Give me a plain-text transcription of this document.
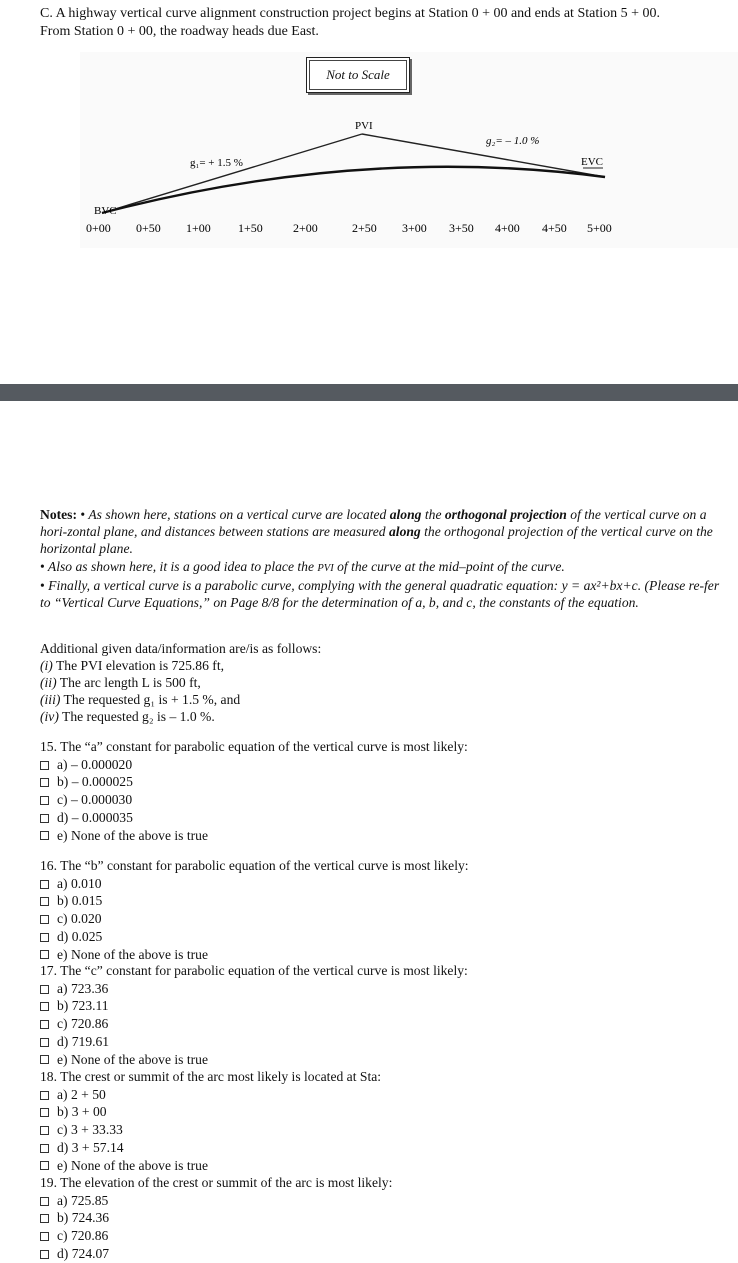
C. A highway vertical curve alignment construction project begins at Station 0 + 00 and ends at Station 5 + 00.
From Station 0 + 00, the roadway heads due East.
Not to Scale
PVI
g₁= + 1.5 %
g₂= – 1.0 %
BVC
EVC
0+00 0+50 1+00 1+50	2+00	2+50 3+00 3+50 4+00 4+50 5+00
Notes: • As shown here, stations on a vertical curve are located along the orthogonal projection of the vertical curve on a hori-zontal plane, and distances between stations are measured along the orthogonal projection of the vertical curve on the horizontal plane.
• Also as shown here, it is a good idea to place the PVI of the curve at the mid–point of the curve.
• Finally, a vertical curve is a parabolic curve, complying with the general quadratic equation: y = ax²+bx+c. (Please re-fer to “Vertical Curve Equations,” on Page 8/8 for the determination of a, b, and c, the constants of the equation.
Additional given data/information are/is as follows:
(i) The PVI elevation is 725.86 ft,
(ii) The arc length L is 500 ft,
(iii) The requested g₁ is + 1.5 %, and
(iv) The requested g₂ is – 1.0 %.
15. The “a” constant for parabolic equation of the vertical curve is most likely:
a) – 0.000020
b) – 0.000025
c) – 0.000030
d) – 0.000035
e) None of the above is true
16. The “b” constant for parabolic equation of the vertical curve is most likely:
a) 0.010
b) 0.015
c) 0.020
d) 0.025
e) None of the above is true
17. The “c” constant for parabolic equation of the vertical curve is most likely:
a) 723.36
b) 723.11
c) 720.86
d) 719.61
e) None of the above is true
18. The crest or summit of the arc most likely is located at Sta:
a) 2 + 50
b) 3 + 00
c) 3 + 33.33
d) 3 + 57.14
e) None of the above is true
19. The elevation of the crest or summit of the arc is most likely:
a) 725.85
b) 724.36
c) 720.86
d) 724.07
